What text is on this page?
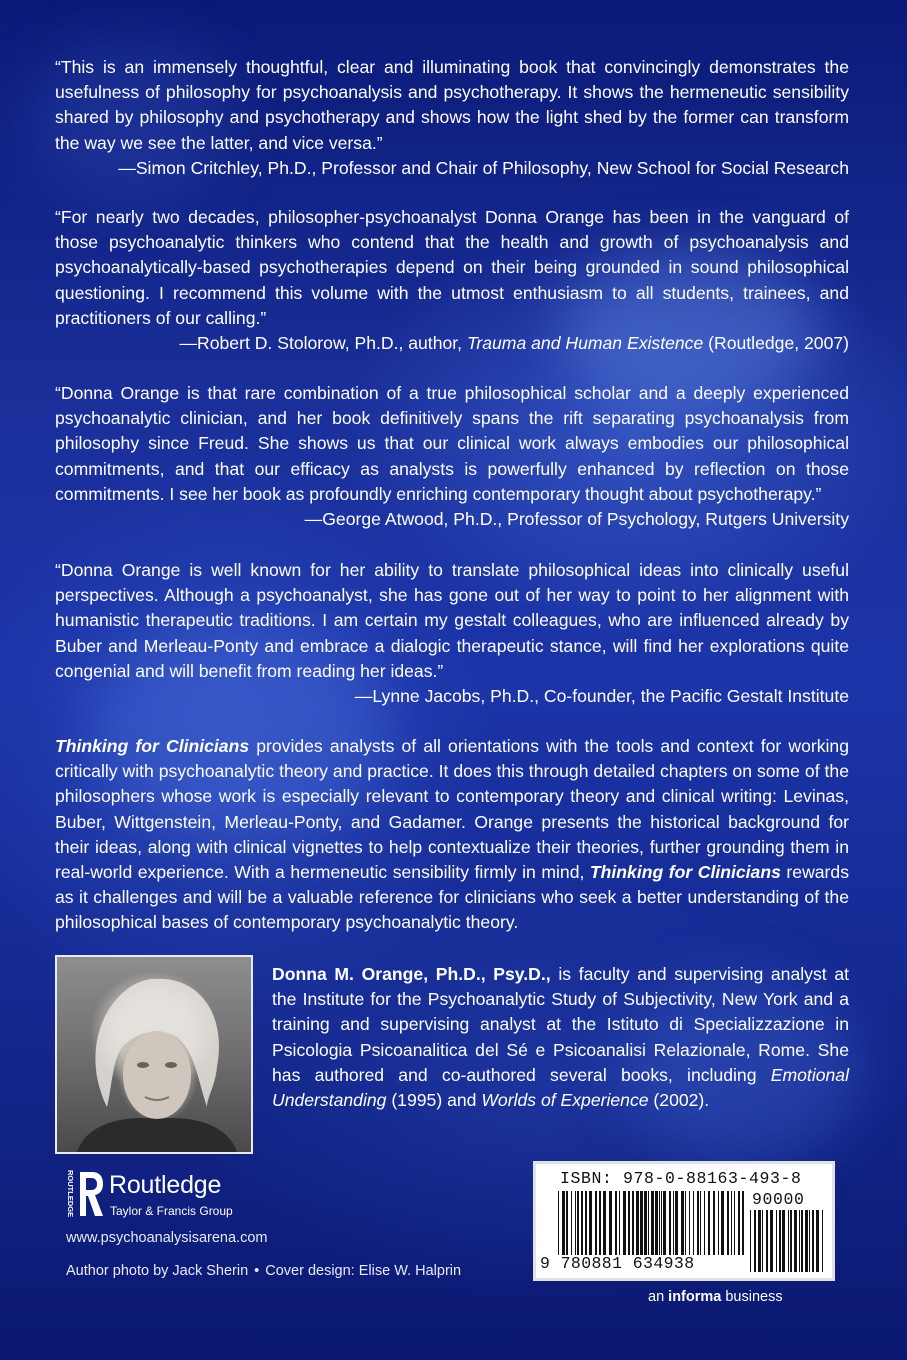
“This is an immensely thoughtful, clear and illuminating book that convincingly demonstrates the usefulness of philosophy for psychoanalysis and psychotherapy. It shows the hermeneutic sensibility shared by philosophy and psychotherapy and shows how the light shed by the former can transform the way we see the latter, and vice versa.”
—Simon Critchley, Ph.D., Professor and Chair of Philosophy, New School for Social Research
“For nearly two decades, philosopher-psychoanalyst Donna Orange has been in the vanguard of those psychoanalytic thinkers who contend that the health and growth of psychoanalysis and psychoanalytically-based psychotherapies depend on their being grounded in sound philosophical questioning. I recommend this volume with the utmost enthusiasm to all students, trainees, and practitioners of our calling.”
—Robert D. Stolorow, Ph.D., author, Trauma and Human Existence (Routledge, 2007)
“Donna Orange is that rare combination of a true philosophical scholar and a deeply experienced psychoanalytic clinician, and her book definitively spans the rift separating psychoanalysis from philosophy since Freud. She shows us that our clinical work always embodies our philosophical commitments, and that our efficacy as analysts is powerfully enhanced by reflection on those commitments. I see her book as profoundly enriching contemporary thought about psychotherapy.”
—George Atwood, Ph.D., Professor of Psychology, Rutgers University
“Donna Orange is well known for her ability to translate philosophical ideas into clinically useful perspectives. Although a psychoanalyst, she has gone out of her way to point to her alignment with humanistic therapeutic traditions. I am certain my gestalt colleagues, who are influenced already by Buber and Merleau-Ponty and embrace a dialogic therapeutic stance, will find her explorations quite congenial and will benefit from reading her ideas.”
—Lynne Jacobs, Ph.D., Co-founder, the Pacific Gestalt Institute
Thinking for Clinicians provides analysts of all orientations with the tools and context for working critically with psychoanalytic theory and practice. It does this through detailed chapters on some of the philosophers whose work is especially relevant to contemporary theory and clinical writing: Levinas, Buber, Wittgenstein, Merleau-Ponty, and Gadamer. Orange presents the historical background for their ideas, along with clinical vignettes to help contextualize their theories, further grounding them in real-world experience. With a hermeneutic sensibility firmly in mind, Thinking for Clinicians rewards as it challenges and will be a valuable reference for clinicians who seek a better understanding of the philosophical bases of contemporary psychoanalytic theory.
Donna M. Orange, Ph.D., Psy.D., is faculty and supervising analyst at the Institute for the Psychoanalytic Study of Subjectivity, New York and a training and supervising analyst at the Istituto di Specializzazione in Psicologia Psicoanalitica del Sé e Psicoanalisi Relazionale, Rome. She has authored and co-authored several books, including Emotional Understanding (1995) and Worlds of Experience (2002).
ROUTLEDGE Routledge
Taylor & Francis Group
www.psychoanalysisarena.com
Author photo by Jack Sherin • Cover design: Elise W. Halprin
ISBN: 978-0-88163-493-8
90000
9 780881 634938
an informa business
